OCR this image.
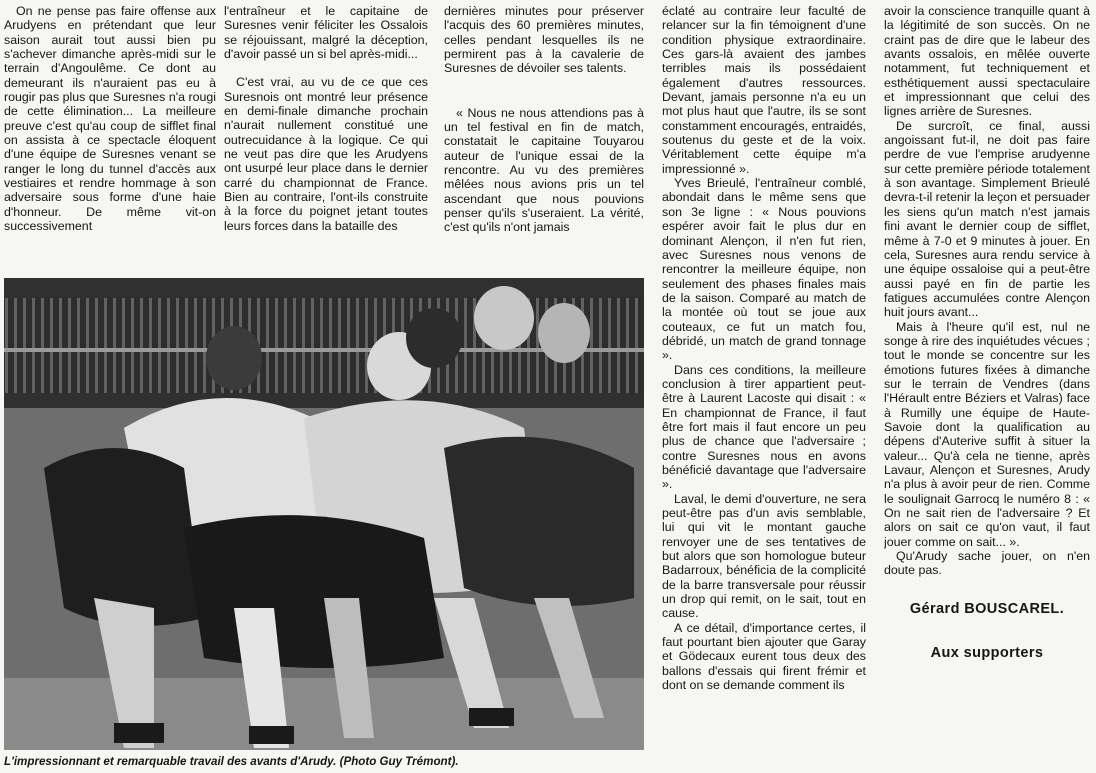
On ne pense pas faire offense aux Arudyens en prétendant que leur saison aurait tout aussi bien pu s'achever dimanche après-midi sur le terrain d'Angoulême. Ce dont au demeurant ils n'auraient pas eu à rougir pas plus que Suresnes n'a rougi de cette élimination... La meilleure preuve c'est qu'au coup de sifflet final on assista à ce spectacle éloquent d'une équipe de Suresnes venant se ranger le long du tunnel d'accès aux vestiaires et rendre hommage à son adversaire sous forme d'une haie d'honneur. De même vit-on successivement

l'entraîneur et le capitaine de Suresnes venir féliciter les Ossalois se réjouissant, malgré la déception, d'avoir passé un si bel après-midi...

C'est vrai, au vu de ce que ces Suresnois ont montré leur présence en demi-finale dimanche prochain n'aurait nullement constitué une outrecuidance à la logique. Ce qui ne veut pas dire que les Arudyens ont usurpé leur place dans le dernier carré du championnat de France. Bien au contraire, l'ont-ils construite à la force du poignet jetant toutes leurs forces dans la bataille des

dernières minutes pour préserver l'acquis des 60 premières minutes, celles pendant lesquelles ils ne permirent pas à la cavalerie de Suresnes de dévoiler ses talents.

« Nous ne nous attendions pas à un tel festival en fin de match, constatait le capitaine Touyarou auteur de l'unique essai de la rencontre. Au vu des premières mêlées nous avions pris un tel ascendant que nous pouvions penser qu'ils s'useraient. La vérité, c'est qu'ils n'ont jamais

éclaté au contraire leur faculté de relancer sur la fin témoignent d'une condition physique extraordinaire. Ces gars-là avaient des jambes terribles mais ils possédaient également d'autres ressources. Devant, jamais personne n'a eu un mot plus haut que l'autre, ils se sont constamment encouragés, entraidés, soutenus du geste et de la voix. Véritablement cette équipe m'a impressionné ».

Yves Brieulé, l'entraîneur comblé, abondait dans le même sens que son 3e ligne : « Nous pouvions espérer avoir fait le plus dur en dominant Alençon, il n'en fut rien, avec Suresnes nous venons de rencontrer la meilleure équipe, non seulement des phases finales mais de la saison. Comparé au match de la montée où tout se joue aux couteaux, ce fut un match fou, débridé, un match de grand tonnage ».

Dans ces conditions, la meilleure conclusion à tirer appartient peut-être à Laurent Lacoste qui disait : « En championnat de France, il faut être fort mais il faut encore un peu plus de chance que l'adversaire ; contre Suresnes nous en avons bénéficié davantage que l'adversaire ».

Laval, le demi d'ouverture, ne sera peut-être pas d'un avis semblable, lui qui vit le montant gauche renvoyer une de ses tentatives de but alors que son homologue buteur Badarroux, bénéficia de la complicité de la barre transversale pour réussir un drop qui remit, on le sait, tout en cause.

A ce détail, d'importance certes, il faut pourtant bien ajouter que Garay et Gödecaux eurent tous deux des ballons d'essais qui firent frémir et dont on se demande comment ils

avoir la conscience tranquille quant à la légitimité de son succès. On ne craint pas de dire que le labeur des avants ossalois, en mêlée ouverte notamment, fut techniquement et esthétiquement aussi spectaculaire et impressionnant que celui des lignes arrière de Suresnes.

De surcroît, ce final, aussi angoissant fut-il, ne doit pas faire perdre de vue l'emprise arudyenne sur cette première période totalement à son avantage. Simplement Brieulé devra-t-il retenir la leçon et persuader les siens qu'un match n'est jamais fini avant le dernier coup de sifflet, même à 7-0 et 9 minutes à jouer. En cela, Suresnes aura rendu service à une équipe ossaloise qui a peut-être aussi payé en fin de partie les fatigues accumulées contre Alençon huit jours avant...

Mais à l'heure qu'il est, nul ne songe à rire des inquiétudes vécues ; tout le monde se concentre sur les émotions futures fixées à dimanche sur le terrain de Vendres (dans l'Hérault entre Béziers et Valras) face à Rumilly une équipe de Haute-Savoie dont la qualification au dépens d'Auterive suffit à situer la valeur... Qu'à cela ne tienne, après Lavaur, Alençon et Suresnes, Arudy n'a plus à avoir peur de rien. Comme le soulignait Garrocq le numéro 8 : « On ne sait rien de l'adversaire ? Et alors on sait ce qu'on vaut, il faut jouer comme on sait... ».

Qu'Arudy sache jouer, on n'en doute pas.

Gérard BOUSCAREL.
Aux supporters
L'impressionnant et remarquable travail des avants d'Arudy. (Photo Guy Trémont).
